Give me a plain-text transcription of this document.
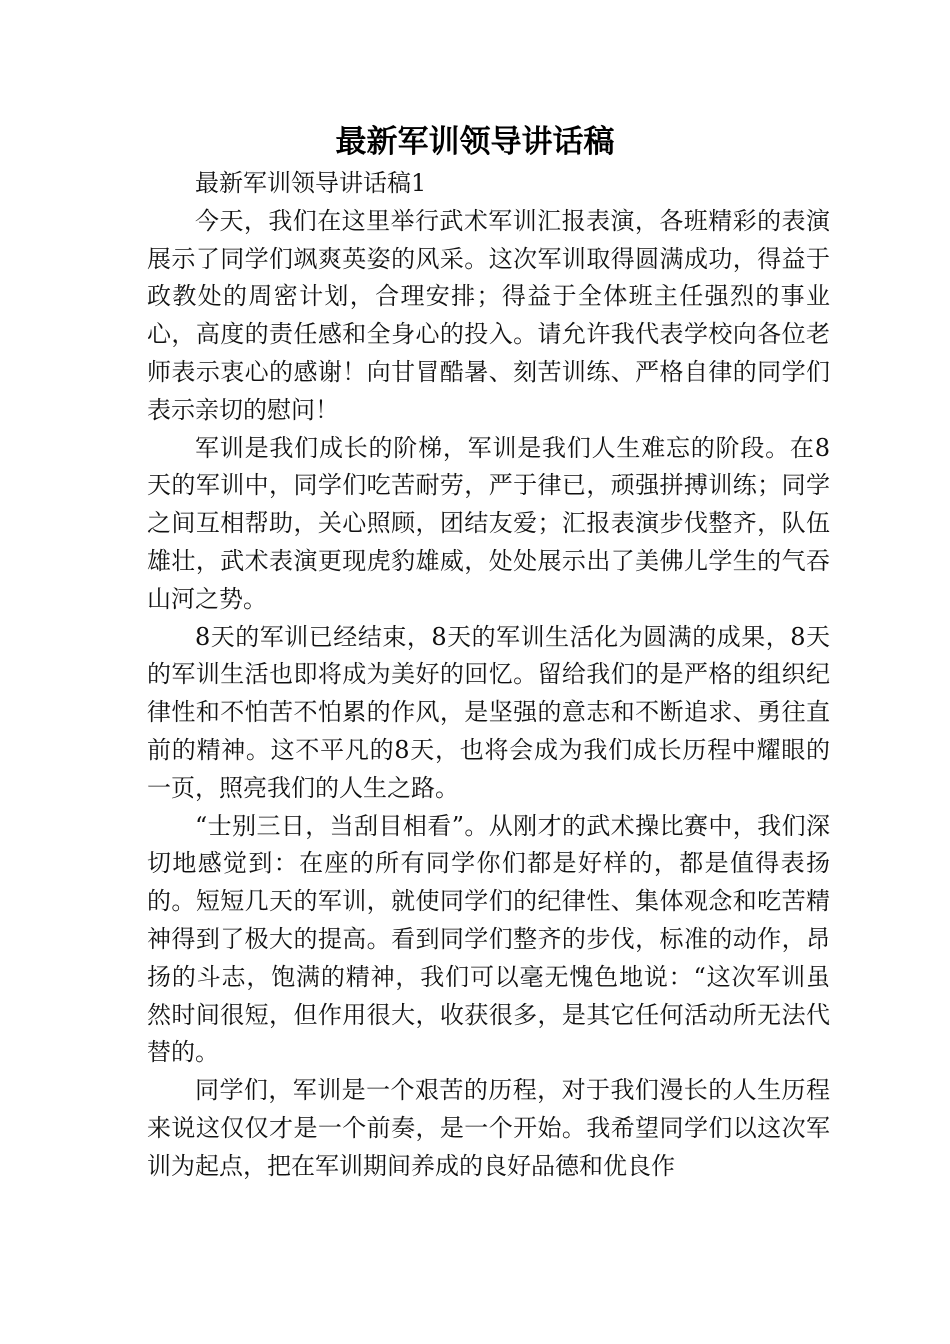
最新军训领导讲话稿

最新军训领导讲话稿1

今天，我们在这里举行武术军训汇报表演，各班精彩的表演展示了同学们飒爽英姿的风采。这次军训取得圆满成功，得益于政教处的周密计划，合理安排；得益于全体班主任强烈的事业心，高度的责任感和全身心的投入。请允许我代表学校向各位老师表示衷心的感谢！向甘冒酷暑、刻苦训练、严格自律的同学们表示亲切的慰问！

军训是我们成长的阶梯，军训是我们人生难忘的阶段。在8天的军训中，同学们吃苦耐劳，严于律已，顽强拼搏训练；同学之间互相帮助，关心照顾，团结友爱；汇报表演步伐整齐，队伍雄壮，武术表演更现虎豹雄威，处处展示出了美佛儿学生的气吞山河之势。

8天的军训已经结束，8天的军训生活化为圆满的成果，8天的军训生活也即将成为美好的回忆。留给我们的是严格的组织纪律性和不怕苦不怕累的作风，是坚强的意志和不断追求、勇往直前的精神。这不平凡的8天，也将会成为我们成长历程中耀眼的一页，照亮我们的人生之路。

“士别三日，当刮目相看”。从刚才的武术操比赛中，我们深切地感觉到：在座的所有同学你们都是好样的，都是值得表扬的。短短几天的军训，就使同学们的纪律性、集体观念和吃苦精神得到了极大的提高。看到同学们整齐的步伐，标准的动作，昂扬的斗志，饱满的精神，我们可以毫无愧色地说：“这次军训虽然时间很短，但作用很大，收获很多，是其它任何活动所无法代替的。

同学们，军训是一个艰苦的历程，对于我们漫长的人生历程来说这仅仅才是一个前奏，是一个开始。我希望同学们以这次军训为起点，把在军训期间养成的良好品德和优良作
